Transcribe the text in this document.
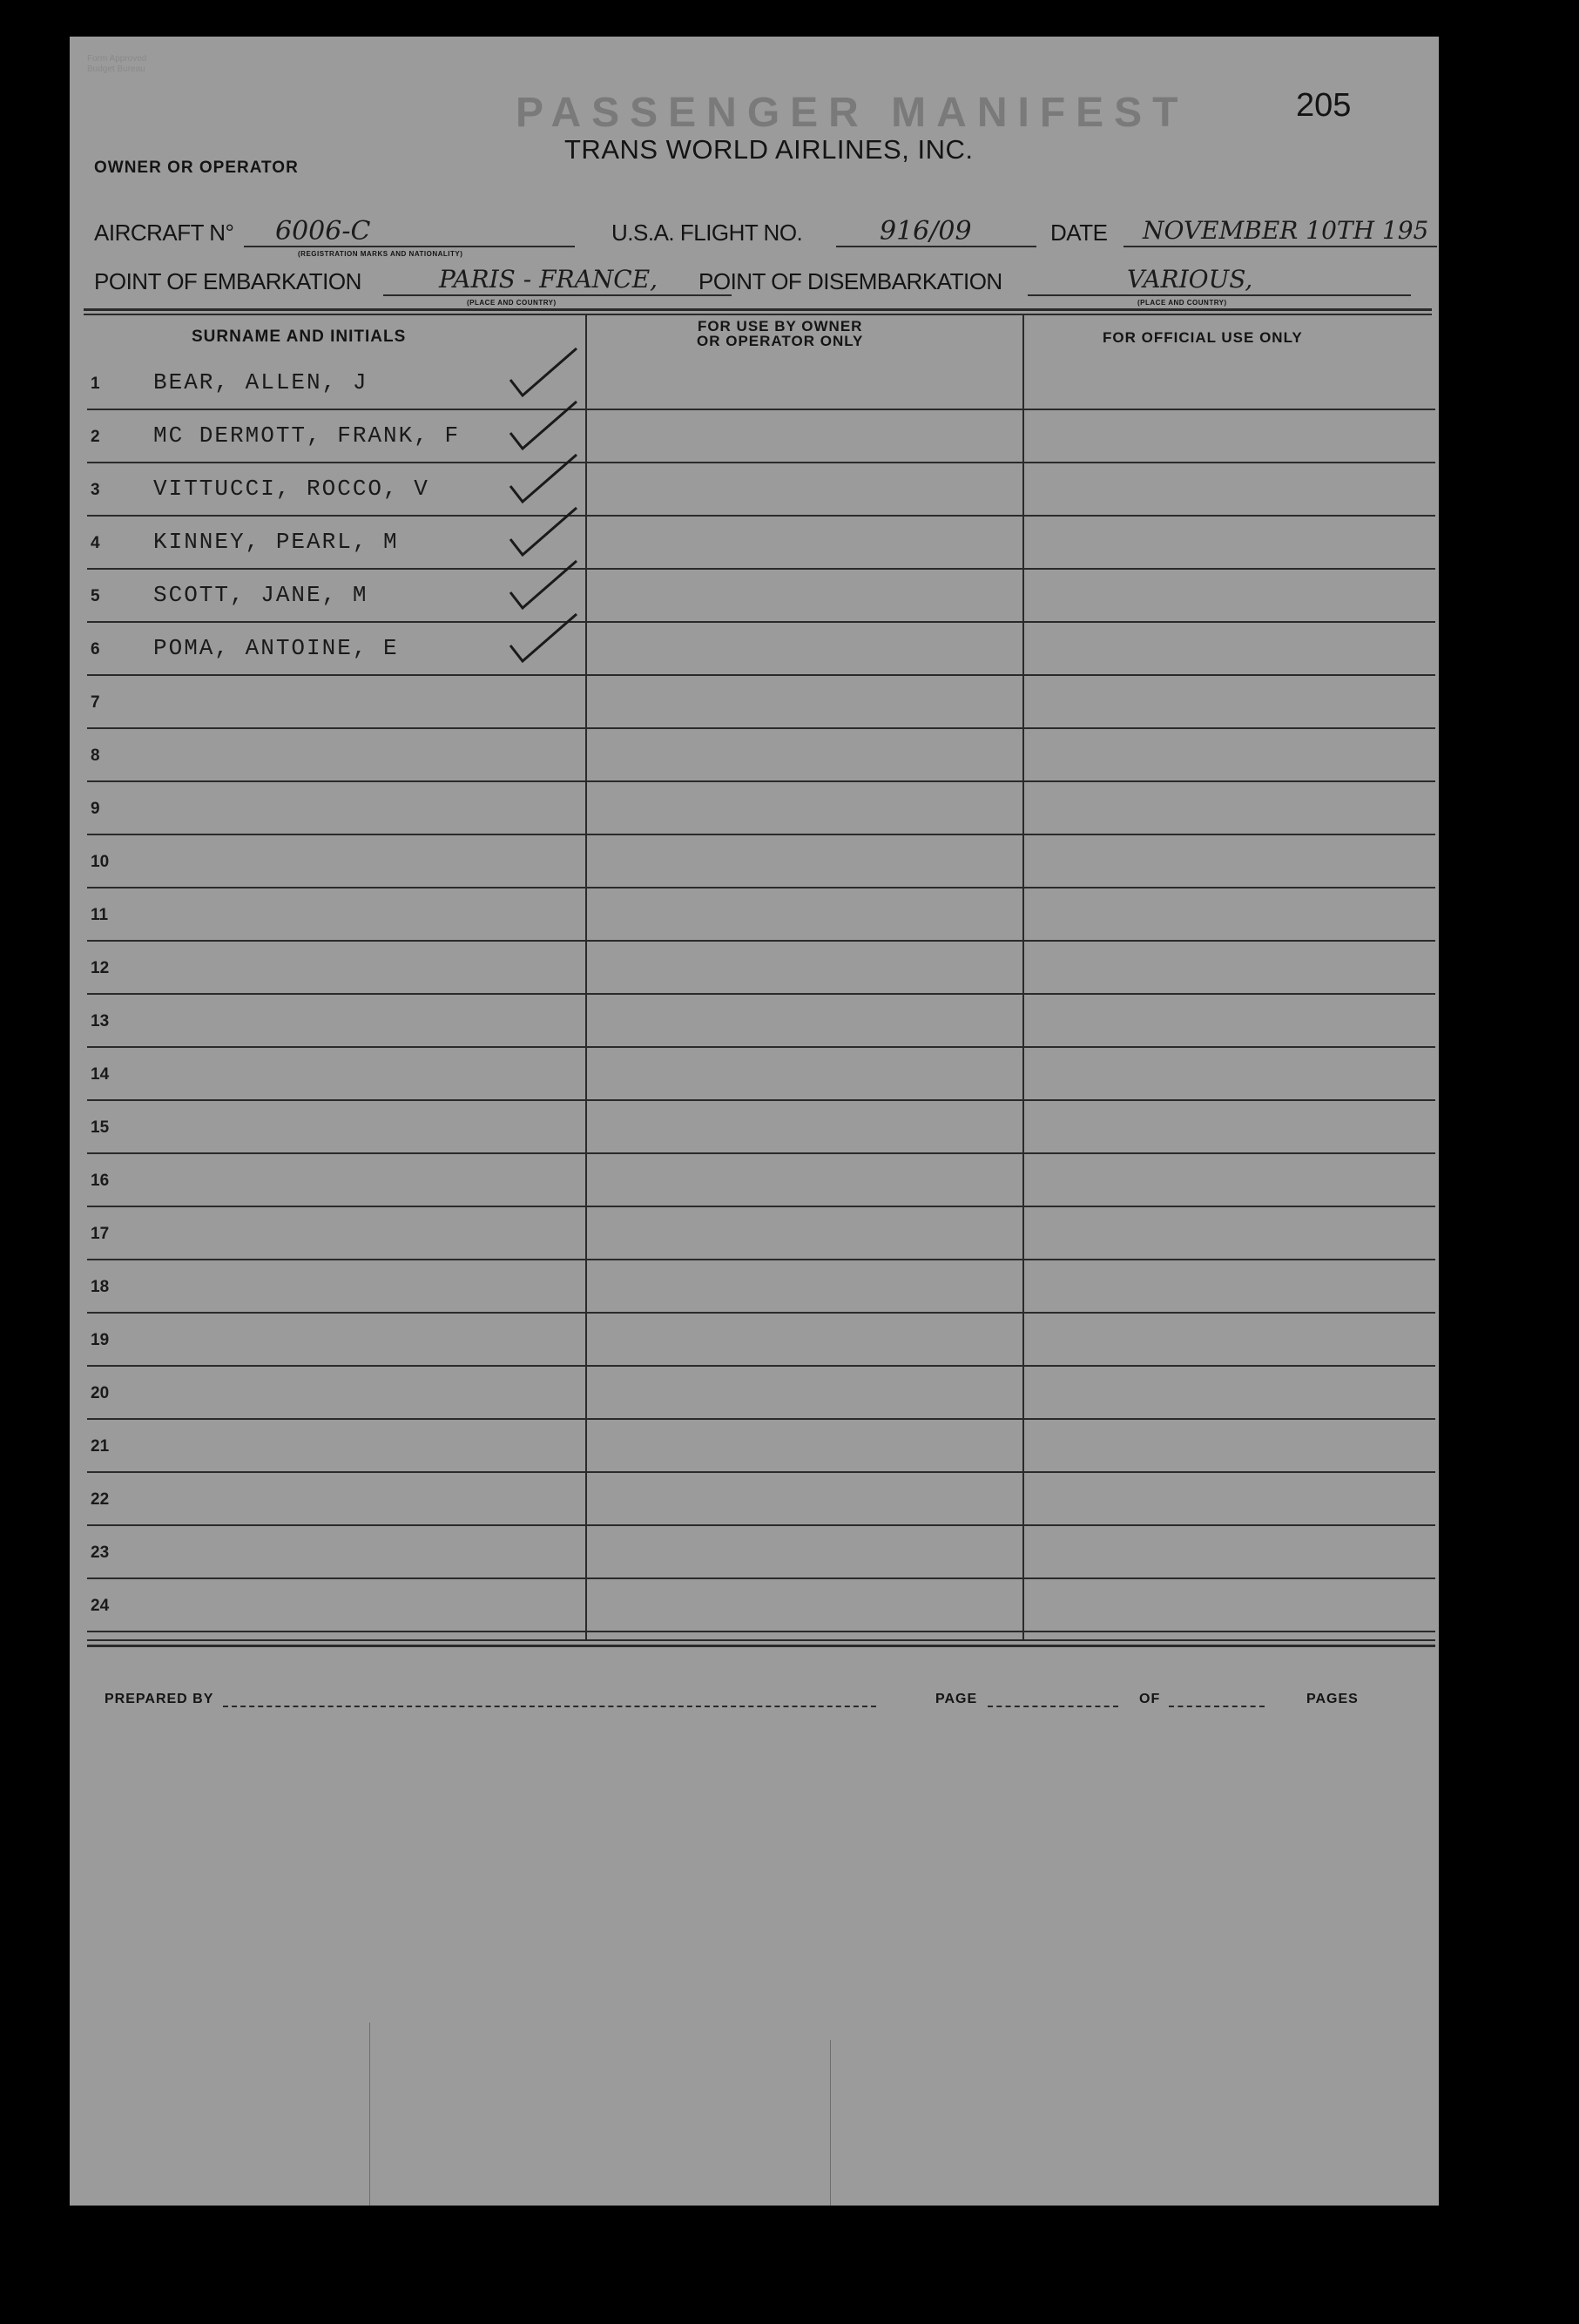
Form Approved
Budget Bureau
205
PASSENGER MANIFEST
TRANS WORLD AIRLINES, INC.
OWNER OR OPERATOR
AIRCRAFT N° 6006-C
(REGISTRATION MARKS AND NATIONALITY)
U.S.A. FLIGHT NO.	916/09	DATE NOVEMBER 10TH 195
POINT OF EMBARKATION	PARIS - FRANCE,
(PLACE AND COUNTRY)
POINT OF DISEMBARKATION	VARIOUS,
(PLACE AND COUNTRY)
SURNAME AND INITIALS
FOR USE BY OWNER
OR OPERATOR ONLY	FOR OFFICIAL USE ONLY
1 BEAR, ALLEN, J
2 MC DERMOTT, FRANK, F
3 VITTUCCI, ROCCO, V
4 KINNEY, PEARL, M
5 SCOTT, JANE, M
6 POMA, ANTOINE, E
7
8
9
10
11
12
13
14
15
16
17
18
19
20
21
22
23
24
PREPARED BY	PAGE	OF	PAGES
